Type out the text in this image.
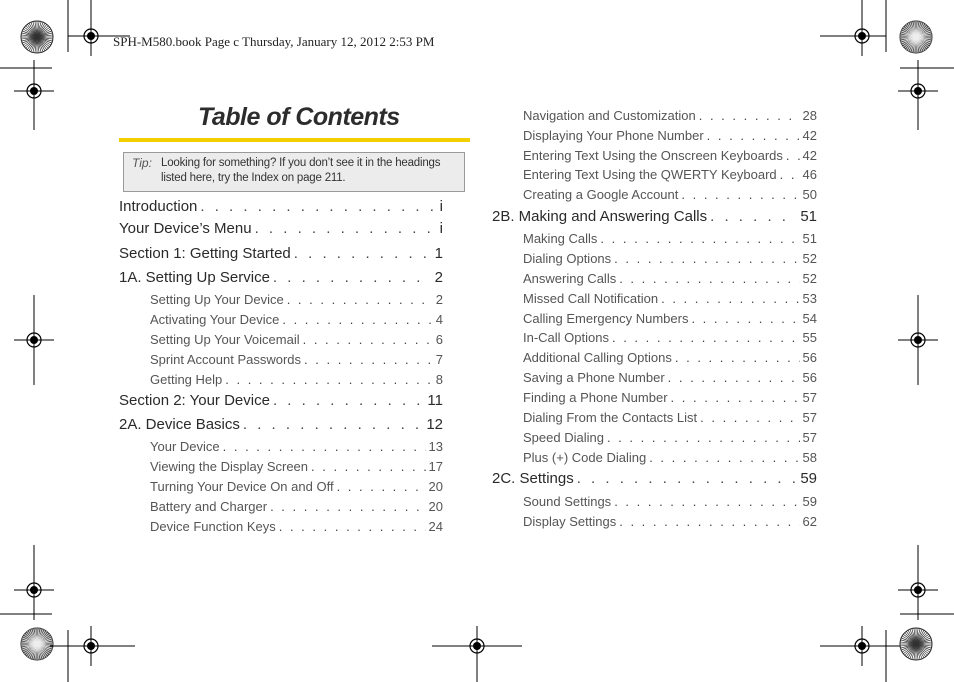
SPH-M580.book Page c Thursday, January 12, 2012 2:53 PM
Table of Contents
Tip: Looking for something? If you don’t see it in the headings listed here, try the Index on page 211.
Introduction . . .	i
Your Device’s Menu . . .	i
Section 1: Getting Started . . .	1
1A. Setting Up Service . . .	2
Setting Up Your Device . . .	2
Activating Your Device . . .	4
Setting Up Your Voicemail . . .	6
Sprint Account Passwords . . .	7
Getting Help . . .	8
Section 2: Your Device . . .	11
2A. Device Basics . . .	12
Your Device . . .	13
Viewing the Display Screen . . .	17
Turning Your Device On and Off . . .	20
Battery and Charger . . .	20
Device Function Keys . . .	24
Navigation and Customization . . .	28
Displaying Your Phone Number . . .	42
Entering Text Using the Onscreen Keyboards . . . 42
Entering Text Using the QWERTY Keyboard . . . 46
Creating a Google Account . . .	50
2B. Making and Answering Calls . . .	51
Making Calls . . .	51
Dialing Options . . .	52
Answering Calls . . .	52
Missed Call Notification . . .	53
Calling Emergency Numbers . . .	54
In-Call Options . . .	55
Additional Calling Options . . .	56
Saving a Phone Number . . .	56
Finding a Phone Number . . .	57
Dialing From the Contacts List . . .	57
Speed Dialing . . .	57
Plus (+) Code Dialing . . .	58
2C. Settings . . .	59
Sound Settings . . .	59
Display Settings . . .	62
